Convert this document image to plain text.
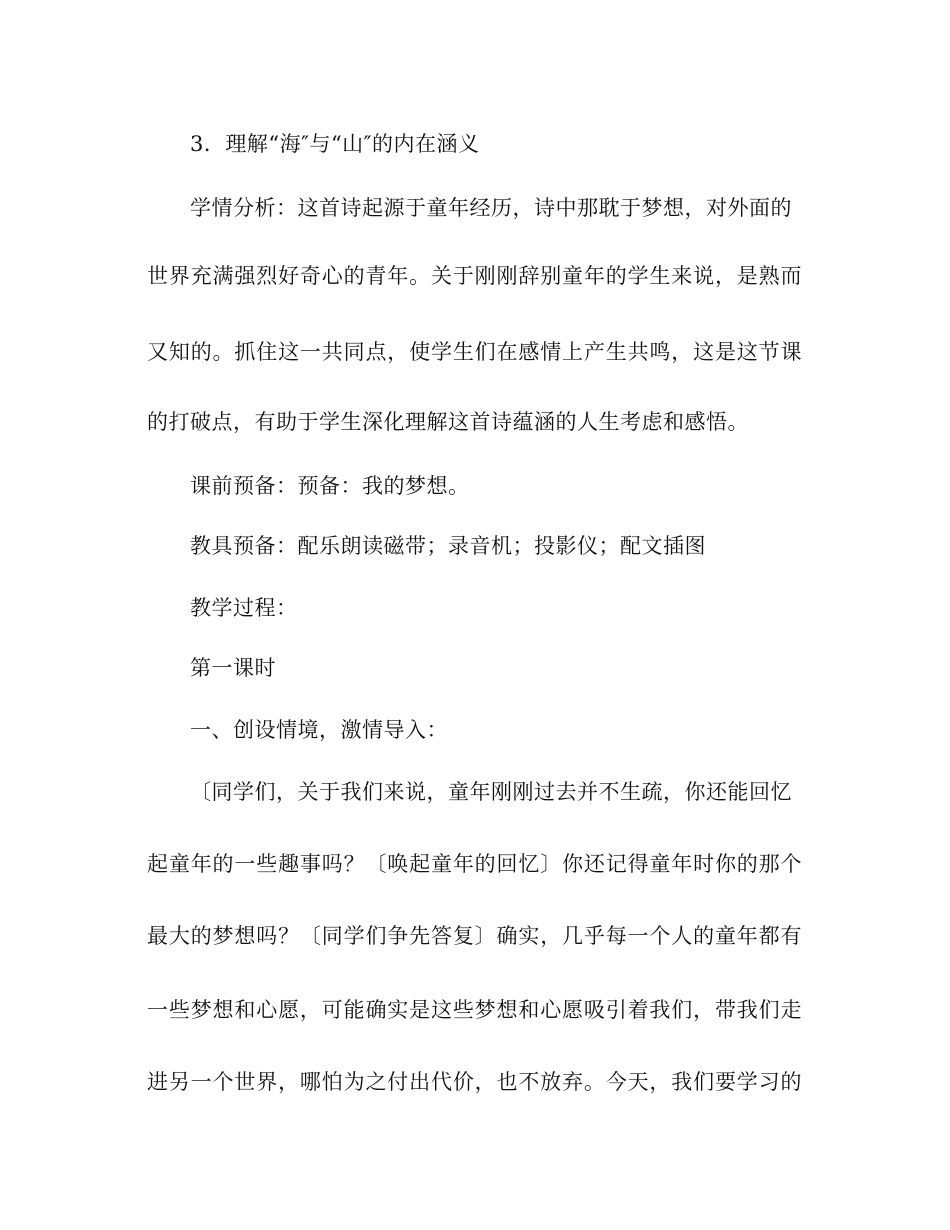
3．理解“海″与“山″的内在涵义
学情分析：这首诗起源于童年经历，诗中那耽于梦想，对外面的
世界充满强烈好奇心的青年。关于刚刚辞别童年的学生来说，是熟而
又知的。抓住这一共同点，使学生们在感情上产生共鸣，这是这节课
的打破点，有助于学生深化理解这首诗蕴涵的人生考虑和感悟。
课前预备：预备：我的梦想。
教具预备：配乐朗读磁带；录音机；投影仪；配文插图
教学过程：
第一课时
一、创设情境，激情导入：
〔同学们，关于我们来说，童年刚刚过去并不生疏，你还能回忆
起童年的一些趣事吗？〔唤起童年的回忆〕你还记得童年时你的那个
最大的梦想吗？〔同学们争先答复〕确实，几乎每一个人的童年都有
一些梦想和心愿，可能确实是这些梦想和心愿吸引着我们，带我们走
进另一个世界，哪怕为之付出代价，也不放弃。今天，我们要学习的
